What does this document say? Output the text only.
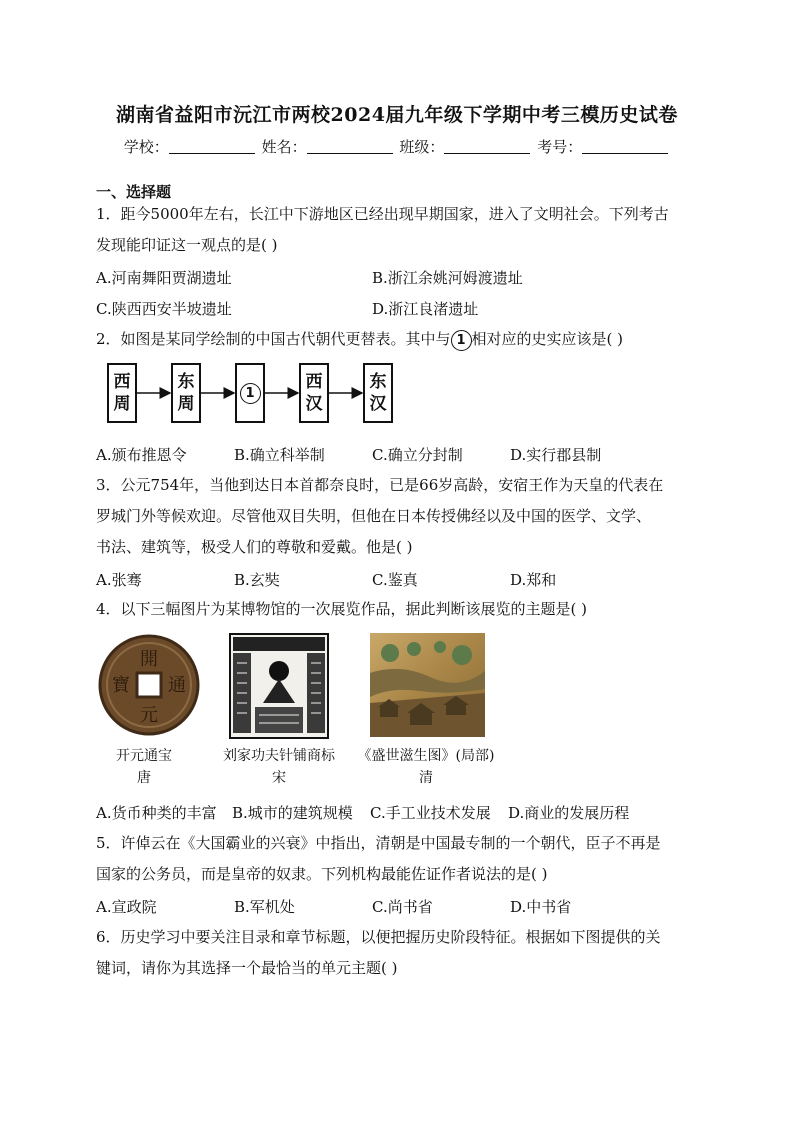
湖南省益阳市沅江市两校2024届九年级下学期中考三模历史试卷
学校：	姓名：	班级：	考号：
一、选择题
1．距今5000年左右，长江中下游地区已经出现早期国家，进入了文明社会。下列考古
发现能印证这一观点的是( )
A.河南舞阳贾湖遗址	B.浙江余姚河姆渡遗址
C.陕西西安半坡遗址	D.浙江良渚遗址
2．如图是某同学绘制的中国古代朝代更替表。其中与 1 相对应的史实应该是( )
西周
东周
1
西汉
东汉
A.颁布推恩令	B.确立科举制	C.确立分封制	D.实行郡县制
3．公元754年，当他到达日本首都奈良时，已是66岁高龄，安宿王作为天皇的代表在
罗城门外等候欢迎。尽管他双目失明，但他在日本传授佛经以及中国的医学、文学、
书法、建筑等，极受人们的尊敬和爱戴。他是( )
A.张骞	B.玄奘	C.鉴真	D.郑和
4．以下三幅图片为某博物馆的一次展览作品，据此判断该展览的主题是( )
開
元
通
寶
开元通宝
唐
刘家功夫针铺商标
宋
《盛世滋生图》(局部)
清
A.货币种类的丰富 B.城市的建筑规模 C.手工业技术发展 D.商业的发展历程
5．许倬云在《大国霸业的兴衰》中指出，清朝是中国最专制的一个朝代，臣子不再是
国家的公务员，而是皇帝的奴隶。下列机构最能佐证作者说法的是( )
A.宣政院	B.军机处	C.尚书省	D.中书省
6．历史学习中要关注目录和章节标题，以便把握历史阶段特征。根据如下图提供的关
键词，请你为其选择一个最恰当的单元主题( )
